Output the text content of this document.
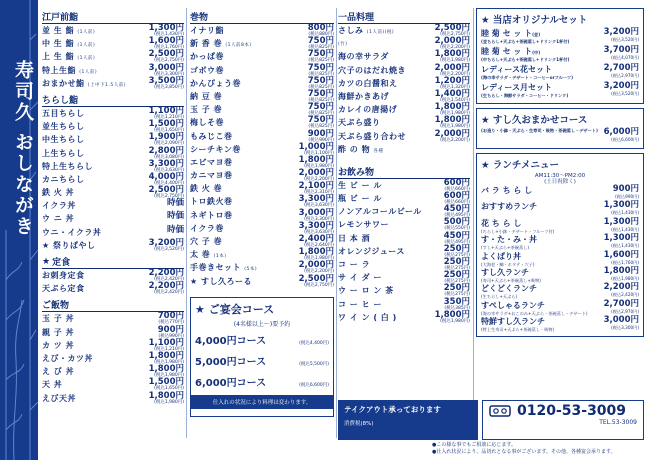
寿司久 おしながき
江戸前鮨
並 生 鮨 (1人前)	1,300円
(税込1,430円)
中 生 鮨 (1人前)	1,600円
(税込1,760円)
上 生 鮨 (1人前)	2,500円
(税込2,750円)
特上生鮨 (1人前)	3,000円
(税込3,300円)
おまかせ鮨 (上中下1.5人前)	3,500円
(税込3,850円)
ちらし鮨
五目ちらし	1,100円
(税込1,210円)
並生ちらし	1,500円
(税込1,650円)
中生ちらし	1,900円
(税込2,090円)
上生ちらし	2,800円
(税込3,080円)
特上生ちらし	3,300円
(税込3,630円)
カニちらし	4,000円
(税込4,400円)
鉄 火 丼	2,500円
(税込2,750円)
イクラ丼	時価
ウ ニ 丼	時価
ウニ・イクラ丼	時価
★ 祭りばやし	3,200円
(税込3,520円)
★ 定食
お刺身定食	2,200円
(税込2,420円)
天ぷら定食	2,200円
(税込2,420円)
ご飯物
玉 子 丼	700円
(税込770円)
親 子 丼	900円
(税込990円)
カ ツ 丼	1,100円
(税込1,210円)
えび・カツ丼	1,800円
(税込1,980円)
え び 丼	1,800円
(税込1,980円)
天 丼	1,500円
(税込1,650円)
えび天丼	1,800円
(税込1,980円)
巻物
イナリ鮨	800円
(税込880円)
新 香 巻 (1人前8本)	750円
(税込825円)
かっぱ巻	750円
(税込825円)
ゴボウ巻	750円
(税込825円)
かんぴょう巻	750円
(税込825円)
納 豆 巻	750円
(税込825円)
玉 子 巻	750円
(税込825円)
梅しそ巻	750円
(税込825円)
もみじこ巻	900円
(税込990円)
シーチキン巻	1,000円
(税込1,100円)
エビマヨ巻	1,800円
(税込1,980円)
カニマヨ巻	2,000円
(税込2,200円)
鉄 火 巻	2,100円
(税込2,310円)
トロ鉄火巻	3,300円
(税込3,630円)
ネギトロ巻	3,000円
(税込3,300円)
イクラ巻	3,300円
(税込3,630円)
穴 子 巻	2,400円
(税込2,640円)
太 巻 (1本)	1,800円
(税込1,980円)
手巻きセット (5本)	2,000円
(税込2,200円)
★ すし久ろーる	2,500円
(税込2,750円)
★ ご宴会コース
(4名様以上〜)要予約
4,000円コース	(税込4,400円)
5,000円コース	(税込5,500円)
6,000円コース	(税込6,600円)
仕入れの状況により料理は変わります。
一品料理
さしみ (1人前)(税)	2,500円
(税込2,750円)
(竹)	2,000円
(税込2,200円)
海の幸サラダ	1,800円
(税込1,980円)
穴子のはだれ焼き	2,000円
(税込2,200円)
カツの白醤和え	1,200円
(税込1,320円)
海鮮かきあげ	1,400円
(税込1,540円)
カレイの唐揚げ	1,800円
(税込1,980円)
天ぷら盛り	1,800円
(税込1,980円)
天ぷら盛り合わせ	2,000円
(税込2,200円)
酢 の 物 各種
お飲み物
生 ビ ー ル	600円
(税込660円)
瓶 ビ ー ル	600円
(税込660円)
ノンアルコールビール	450円
(税込495円)
レモンサワー	500円
(税込550円)
日 本 酒	450円
(税込495円)
オレンジジュース	250円
(税込275円)
コ ー ラ	250円
(税込275円)
サ イ ダ ー	250円
(税込275円)
ウ ー ロ ン 茶	250円
(税込275円)
コ ー ヒ ー	350円
(税込385円)
ワ イ ン ( 白 )	1,800円
(税込1,980円)
テイクアウト承っております
消費税(8%)
★ 当店オリジナルセット
睦 菊 セ ッ ト(並)
(並ちらし+天ぷら+茶碗蒸し+ドリンク1杯付)
3,200円
(税込3,520円)
睦 菊 セ ッ ト(中)
(中ちらし+天ぷら+茶碗蒸し+ドリンク1杯付)
3,700円
(税込4,070円)
レディース花セット
(海の幸サラダ・デザート・コーヒーorフルーツ)
2,700円
(税込2,970円)
レディース月セット
(生ちらし・海鮮サラダ・コーヒー・ドリンク)
3,200円
(税込3,520円)
★ すし久おまかせコース
(お造り・小鉢・天ぷら・生寿司・吸物・茶碗蒸し・デザート) 6,000円
(税込6,600円)
★ ランチメニュー
AM11:30〜PM2:00
(土日祝除く)
バ ラ ち ら し	900円
(税込990円)
おすすめランチ	1,300円
(税込1,430円)
花 ち ら し
(ちらし+小鉢・デザート・フルーツ付)
1,300円
(税込1,430円)
す・た・み・丼
(すし+天ぷら+茶碗蒸し)
1,300円
(税込1,430円)
よくばり丼
(大海老・鯛・ホタテ・穴子)
1,600円
(税込1,760円)
すし久ランチ
(寿司+天ぷら+茶碗蒸し+吸物)
1,800円
(税込1,980円)
どくどくランチ
(生ちらし+天ぷら)
2,200円
(税込2,420円)
すぺしゃるランチ
(海の幸サラダ+おこのみ+天ぷら・茶碗蒸し・デザート)
2,700円
(税込2,970円)
特鮮すし久ランチ
(特上生寿司+天ぷら+茶碗蒸し・吸物)
3,000円
(税込3,300円)
0120-53-3009
TEL.53-3009
●この様な事でもご相談に応じます。
●仕入れ状況により、品切れとなる事がございます。その他、各種宴会承ります。
